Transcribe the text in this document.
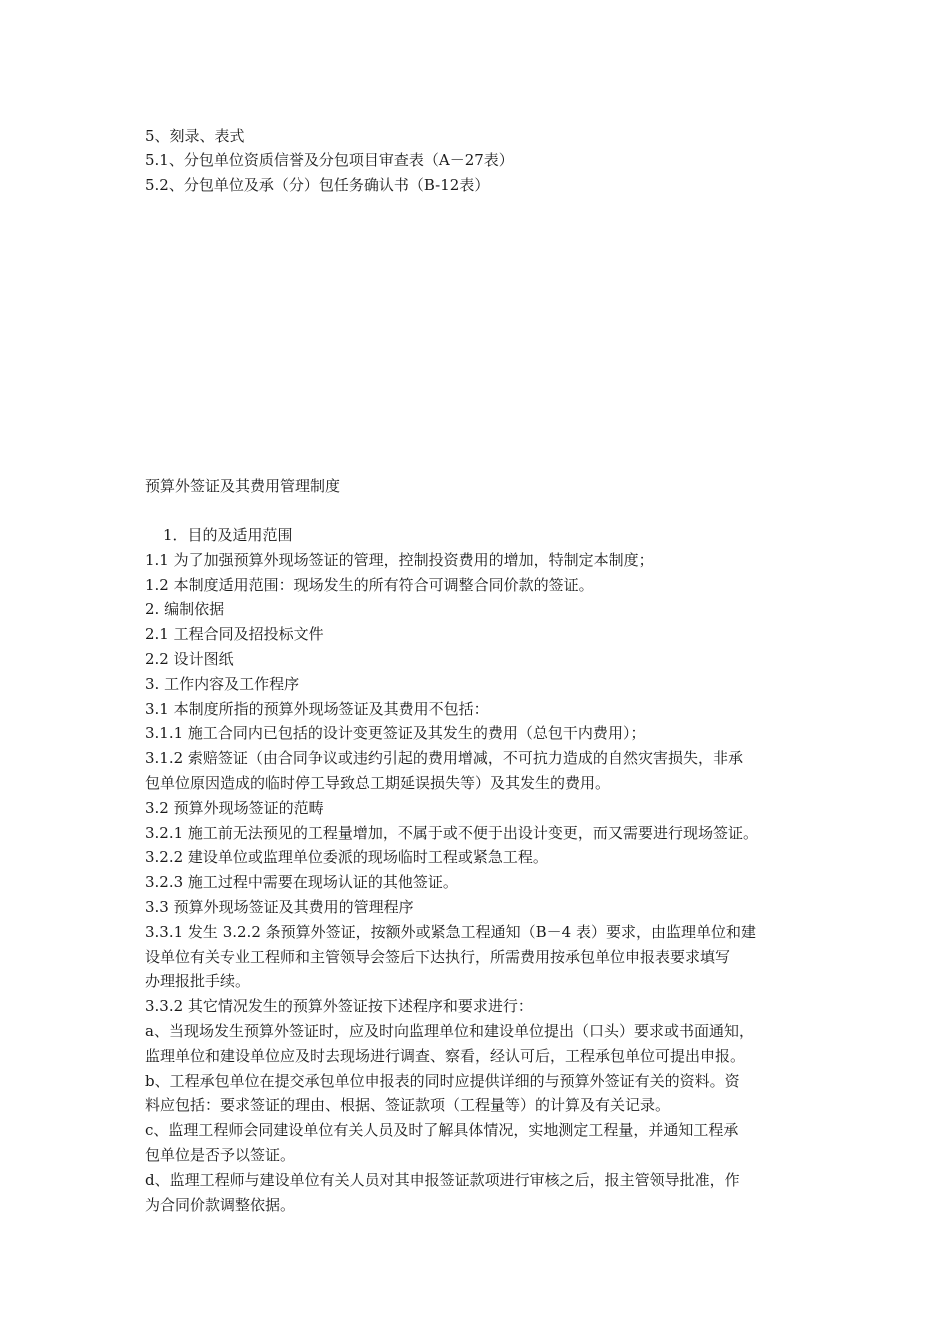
5、刻录、表式
5.1、分包单位资质信誉及分包项目审查表（A－27表）
5.2、分包单位及承（分）包任务确认书（B-12表）
预算外签证及其费用管理制度
1．目的及适用范围
1.1 为了加强预算外现场签证的管理，控制投资费用的增加，特制定本制度；
1.2 本制度适用范围：现场发生的所有符合可调整合同价款的签证。
2. 编制依据
2.1 工程合同及招投标文件
2.2 设计图纸
3. 工作内容及工作程序
3.1 本制度所指的预算外现场签证及其费用不包括：
3.1.1 施工合同内已包括的设计变更签证及其发生的费用（总包干内费用）；
3.1.2 索赔签证（由合同争议或违约引起的费用增减，不可抗力造成的自然灾害损失，非承
包单位原因造成的临时停工导致总工期延误损失等）及其发生的费用。
3.2 预算外现场签证的范畴
3.2.1 施工前无法预见的工程量增加，不属于或不便于出设计变更，而又需要进行现场签证。
3.2.2 建设单位或监理单位委派的现场临时工程或紧急工程。
3.2.3 施工过程中需要在现场认证的其他签证。
3.3 预算外现场签证及其费用的管理程序
3.3.1 发生 3.2.2 条预算外签证，按额外或紧急工程通知（B－4 表）要求，由监理单位和建
设单位有关专业工程师和主管领导会签后下达执行，所需费用按承包单位申报表要求填写
办理报批手续。
3.3.2 其它情况发生的预算外签证按下述程序和要求进行：
a、当现场发生预算外签证时，应及时向监理单位和建设单位提出（口头）要求或书面通知，
监理单位和建设单位应及时去现场进行调查、察看，经认可后，工程承包单位可提出申报。
b、工程承包单位在提交承包单位申报表的同时应提供详细的与预算外签证有关的资料。资
料应包括：要求签证的理由、根据、签证款项（工程量等）的计算及有关记录。
c、监理工程师会同建设单位有关人员及时了解具体情况，实地测定工程量，并通知工程承
包单位是否予以签证。
d、监理工程师与建设单位有关人员对其申报签证款项进行审核之后，报主管领导批准，作
为合同价款调整依据。
